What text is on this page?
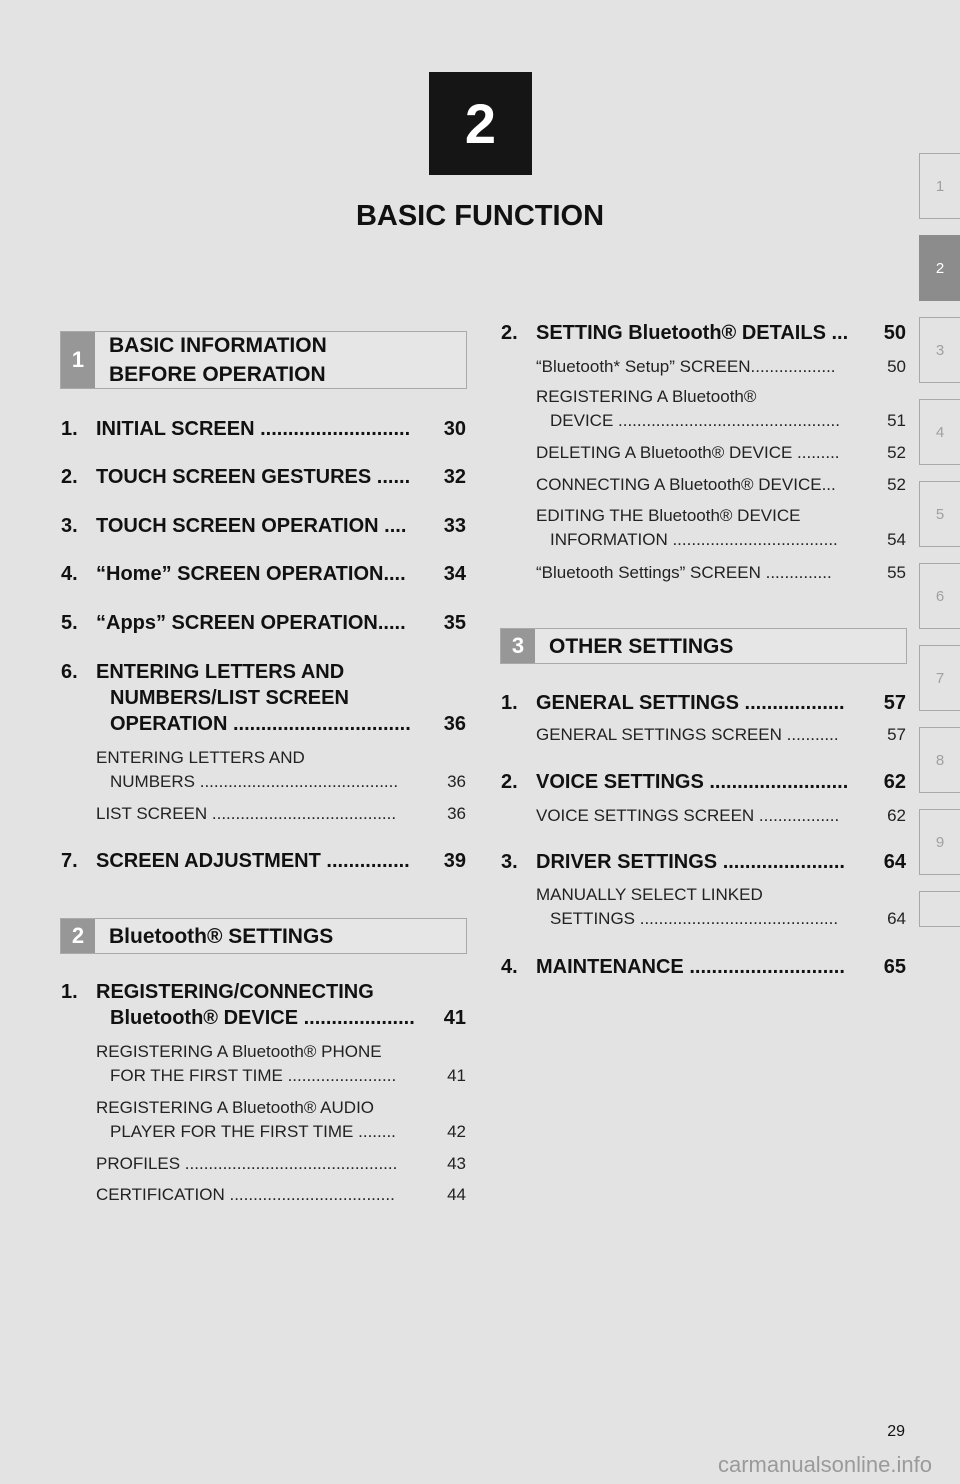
2
BASIC FUNCTION
1
2
3
4
5
6
7
8
9
1
BASIC INFORMATION
BEFORE OPERATION
1. INITIAL SCREEN ...........................	30
2. TOUCH SCREEN GESTURES ......	32
3. TOUCH SCREEN OPERATION ....	33
4. “Home” SCREEN OPERATION....	34
5. “Apps” SCREEN OPERATION.....	35
6. ENTERING LETTERS AND
NUMBERS/LIST SCREEN
OPERATION ................................	36
ENTERING LETTERS AND
NUMBERS ..........................................	36
LIST SCREEN .......................................	36
7. SCREEN ADJUSTMENT ...............	39
2	Bluetooth® SETTINGS
1. REGISTERING/CONNECTING
Bluetooth® DEVICE ....................	41
REGISTERING A Bluetooth® PHONE
FOR THE FIRST TIME .......................	41
REGISTERING A Bluetooth® AUDIO
PLAYER FOR THE FIRST TIME ........	42
PROFILES .............................................	43
CERTIFICATION ...................................	44
2. SETTING Bluetooth® DETAILS ...	50
“Bluetooth* Setup” SCREEN..................	50
REGISTERING A Bluetooth®
DEVICE ...............................................	51
DELETING A Bluetooth® DEVICE .........	52
CONNECTING A Bluetooth® DEVICE...	52
EDITING THE Bluetooth® DEVICE
INFORMATION ...................................	54
“Bluetooth Settings” SCREEN ..............	55
3	OTHER SETTINGS
1. GENERAL SETTINGS ..................	57
GENERAL SETTINGS SCREEN ...........	57
2. VOICE SETTINGS .........................	62
VOICE SETTINGS SCREEN .................	62
3. DRIVER SETTINGS ......................	64
MANUALLY SELECT LINKED
SETTINGS ..........................................	64
4. MAINTENANCE ............................	65
29
carmanualsonline.info
